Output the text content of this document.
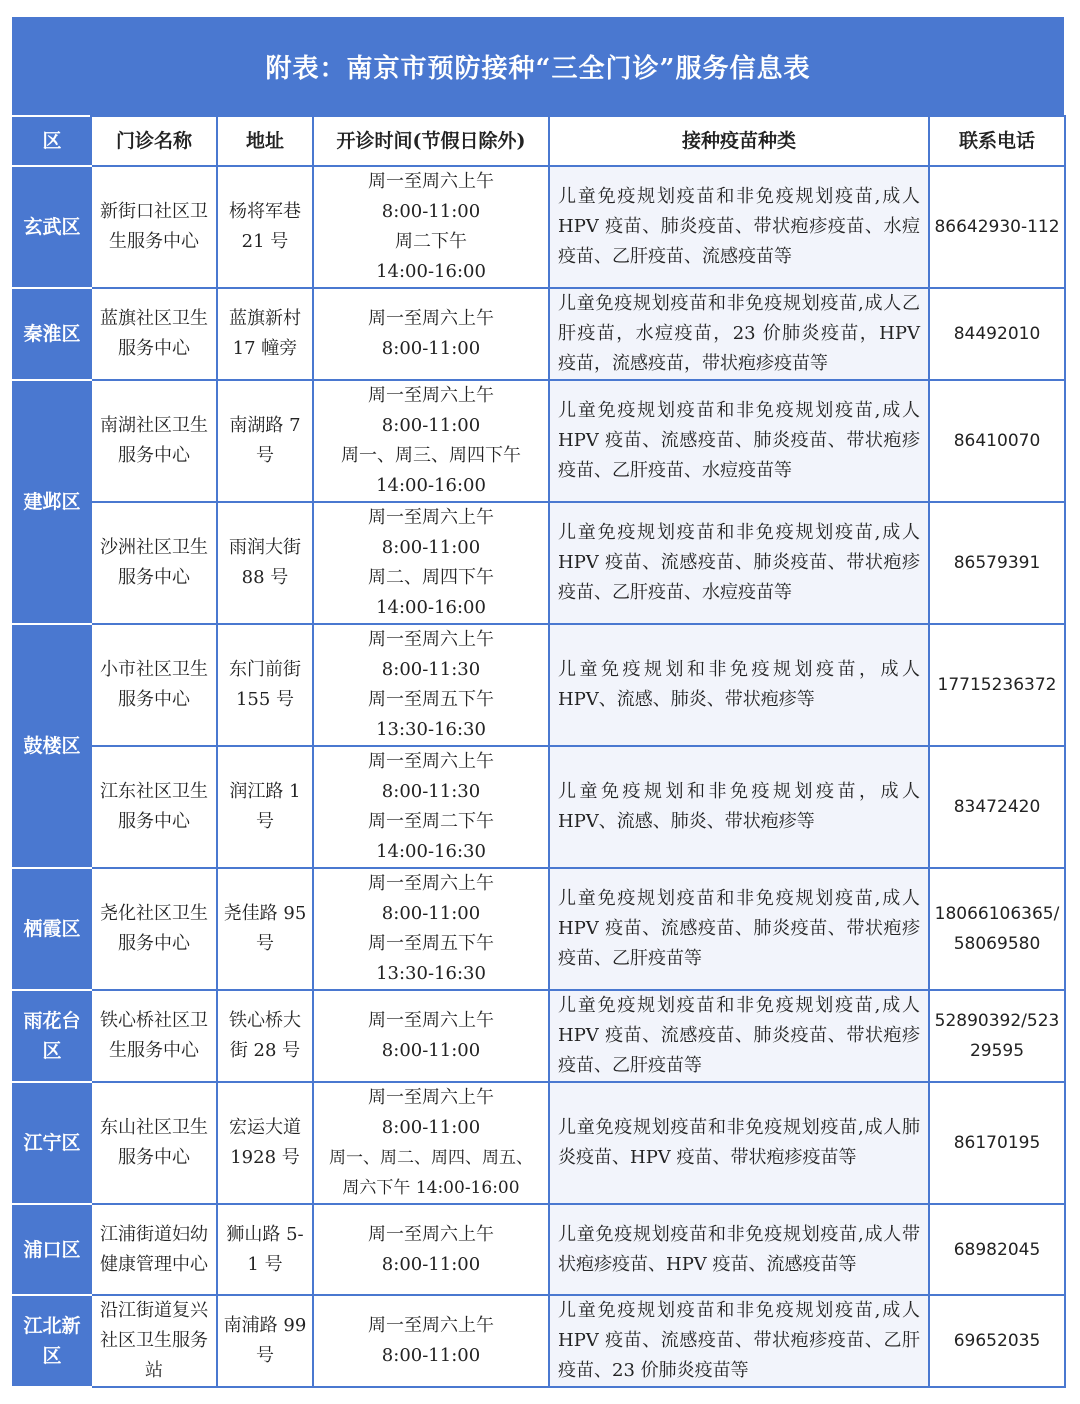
附表：南京市预防接种“三全门诊”服务信息表
区	门诊名称	地址	开诊时间(节假日除外)	接种疫苗种类	联系电话
玄武区	新街口社区卫生服务中心	杨将军巷 21 号	周一至周六上午
8:00-11:00
周二下午
14:00-16:00	儿童免疫规划疫苗和非免疫规划疫苗,成人HPV 疫苗、肺炎疫苗、带状疱疹疫苗、水痘疫苗、乙肝疫苗、流感疫苗等	86642930-112
秦淮区	蓝旗社区卫生服务中心	蓝旗新村 17 幢旁	周一至周六上午
8:00-11:00	儿童免疫规划疫苗和非免疫规划疫苗,成人乙肝疫苗，水痘疫苗，23 价肺炎疫苗，HPV 疫苗，流感疫苗，带状疱疹疫苗等	84492010
建邺区	南湖社区卫生服务中心	南湖路 7 号	周一至周六上午
8:00-11:00
周一、周三、周四下午
14:00-16:00	儿童免疫规划疫苗和非免疫规划疫苗,成人HPV 疫苗、流感疫苗、肺炎疫苗、带状疱疹疫苗、乙肝疫苗、水痘疫苗等	86410070
	沙洲社区卫生服务中心	雨润大街 88 号	周一至周六上午
8:00-11:00
周二、周四下午
14:00-16:00	儿童免疫规划疫苗和非免疫规划疫苗,成人HPV 疫苗、流感疫苗、肺炎疫苗、带状疱疹疫苗、乙肝疫苗、水痘疫苗等	86579391
鼓楼区	小市社区卫生服务中心	东门前街 155 号	周一至周六上午
8:00-11:30
周一至周五下午
13:30-16:30	儿童免疫规划和非免疫规划疫苗，成人HPV、流感、肺炎、带状疱疹等	17715236372
	江东社区卫生服务中心	润江路 1 号	周一至周六上午
8:00-11:30
周一至周二下午
14:00-16:30	儿童免疫规划和非免疫规划疫苗，成人HPV、流感、肺炎、带状疱疹等	83472420
栖霞区	尧化社区卫生服务中心	尧佳路 95 号	周一至周六上午
8:00-11:00
周一至周五下午
13:30-16:30	儿童免疫规划疫苗和非免疫规划疫苗,成人HPV 疫苗、流感疫苗、肺炎疫苗、带状疱疹疫苗、乙肝疫苗等	18066106365/58069580
雨花台区	铁心桥社区卫生服务中心	铁心桥大街 28 号	周一至周六上午
8:00-11:00	儿童免疫规划疫苗和非免疫规划疫苗,成人HPV 疫苗、流感疫苗、肺炎疫苗、带状疱疹疫苗、乙肝疫苗等	52890392/52329595
江宁区	东山社区卫生服务中心	宏运大道 1928 号	周一至周六上午
8:00-11:00
周一、周二、周四、周五、
周六下午 14:00-16:00	儿童免疫规划疫苗和非免疫规划疫苗,成人肺炎疫苗、HPV 疫苗、带状疱疹疫苗等	86170195
浦口区	江浦街道妇幼健康管理中心	狮山路 5-1 号	周一至周六上午
8:00-11:00	儿童免疫规划疫苗和非免疫规划疫苗,成人带状疱疹疫苗、HPV 疫苗、流感疫苗等	68982045
江北新区	沿江街道复兴社区卫生服务站	南浦路 99 号	周一至周六上午
8:00-11:00	儿童免疫规划疫苗和非免疫规划疫苗,成人HPV 疫苗、流感疫苗、带状疱疹疫苗、乙肝疫苗、23 价肺炎疫苗等	69652035
